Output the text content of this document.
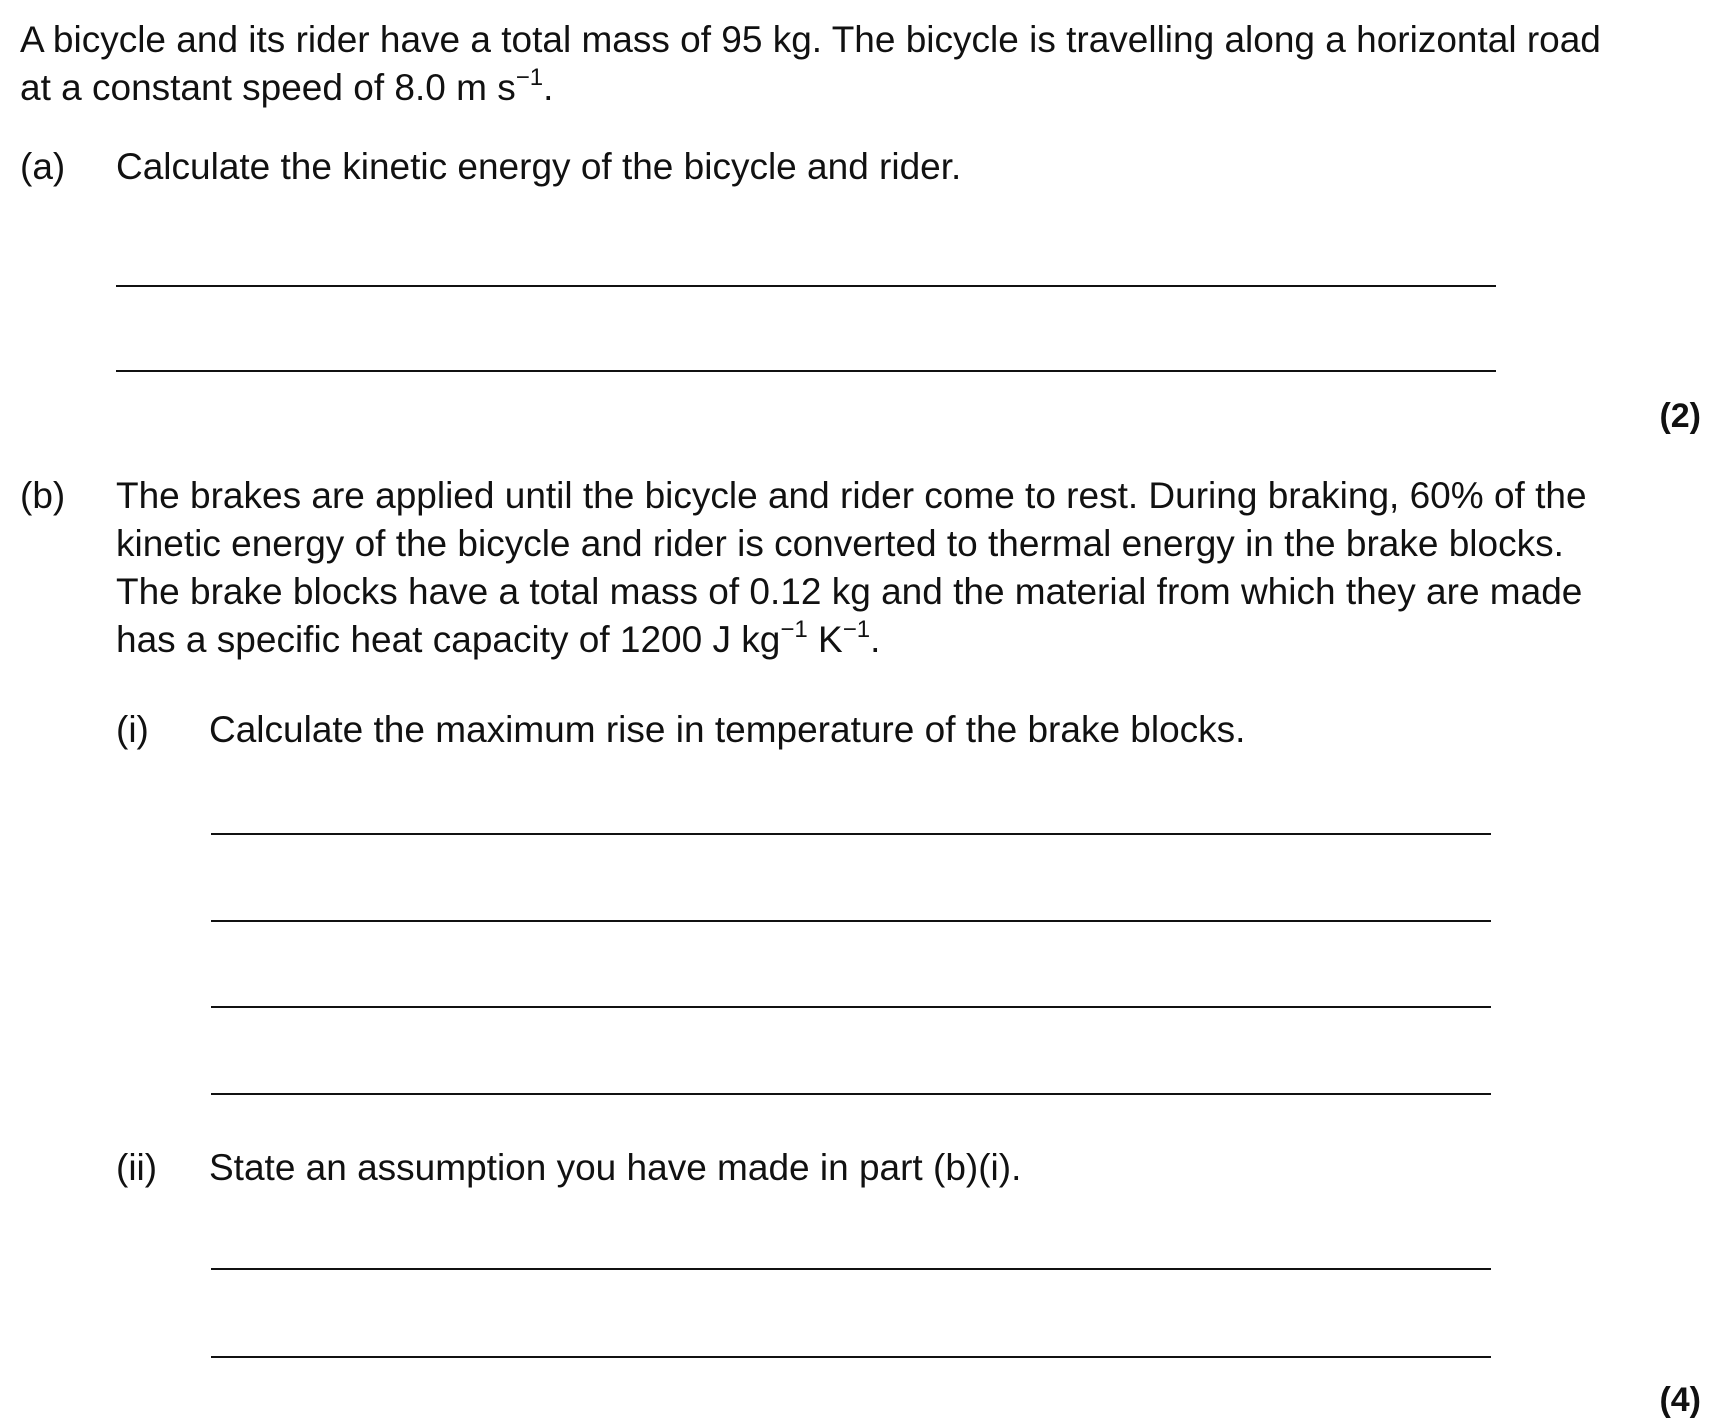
A bicycle and its rider have a total mass of 95 kg. The bicycle is travelling along a horizontal road
at a constant speed of 8.0 m $s^{-1}$.
(a) Calculate the kinetic energy of the bicycle and rider.
(2)
(b) The brakes are applied until the bicycle and rider come to rest. During braking, 60% of the
kinetic energy of the bicycle and rider is converted to thermal energy in the brake blocks.
The brake blocks have a total mass of 0.12 kg and the material from which they are made
has a specific heat capacity of 1200 J $kg^{-1}$ $K^{-1}$.
(i) Calculate the maximum rise in temperature of the brake blocks.
(ii) State an assumption you have made in part (b)(i).
(4)
